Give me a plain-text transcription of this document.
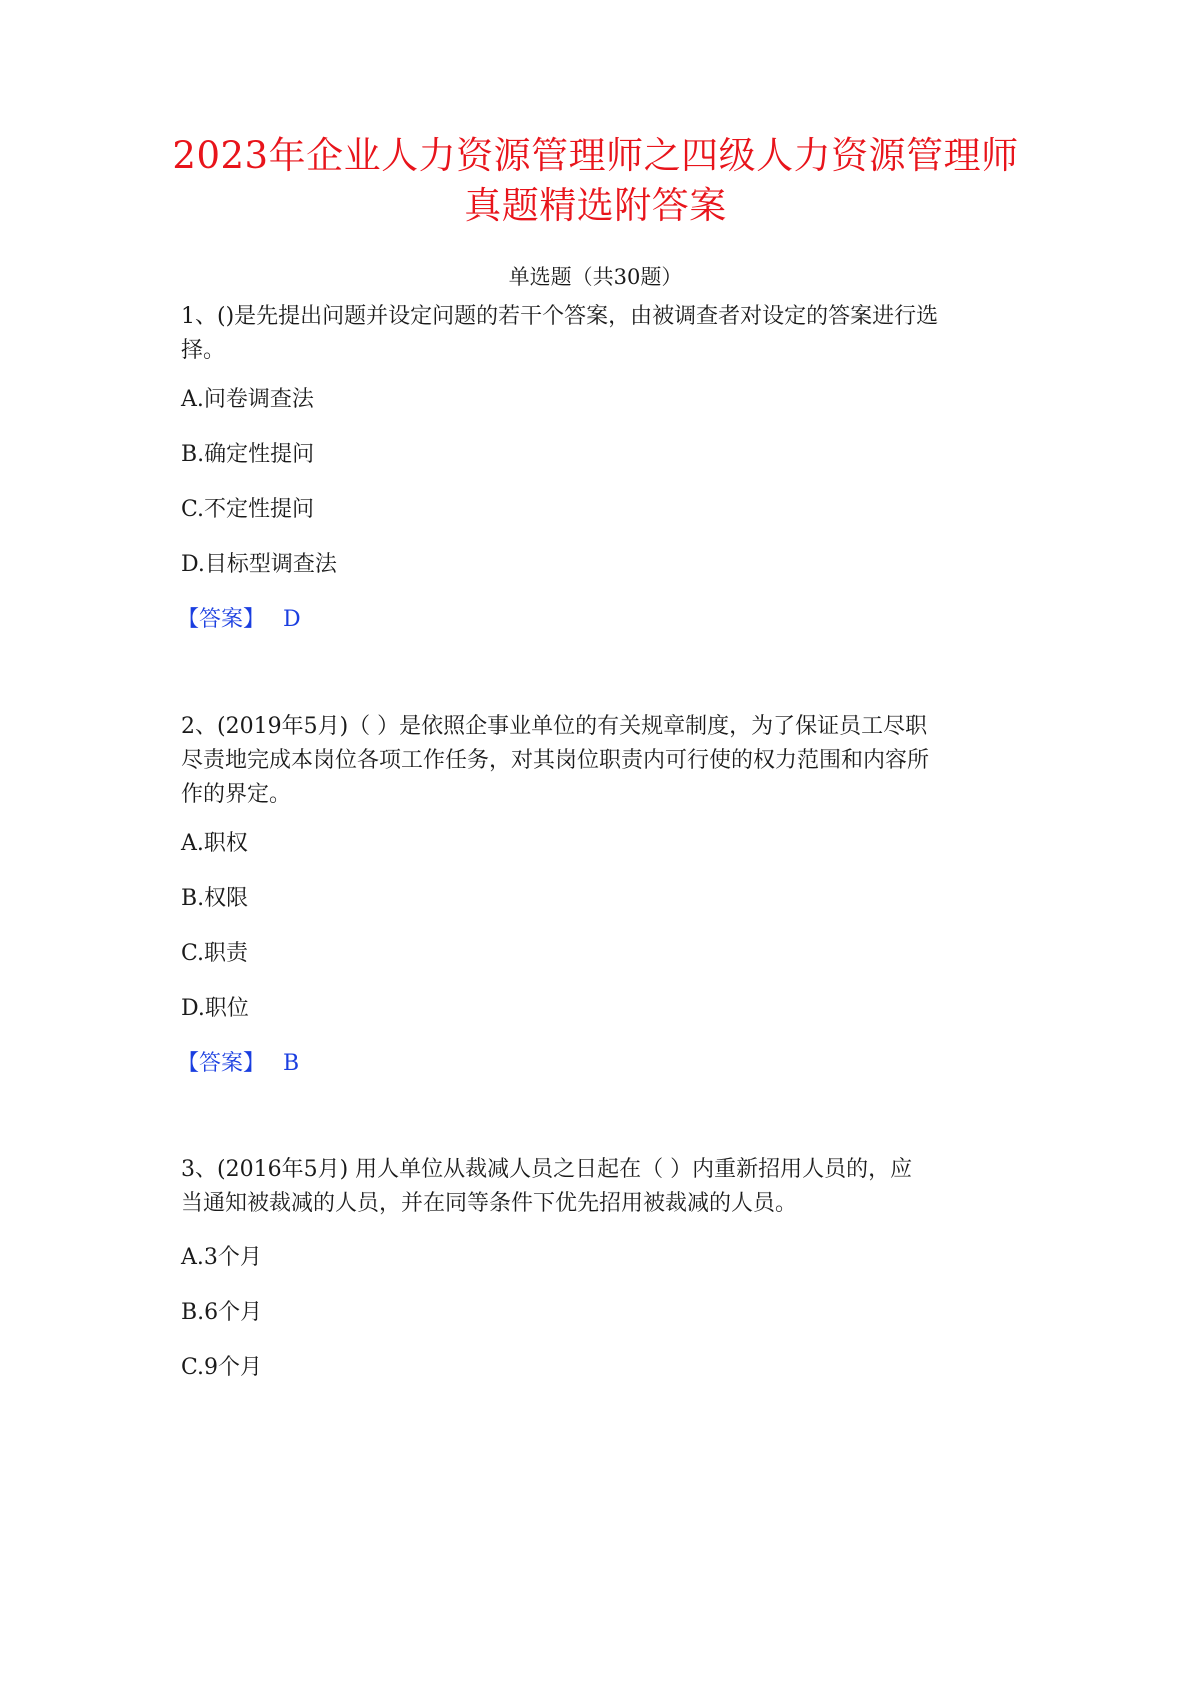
2023年企业人力资源管理师之四级人力资源管理师
真题精选附答案
单选题（共30题）
1、()是先提出问题并设定问题的若干个答案，由被调查者对设定的答案进行选
择。
A.问卷调查法
B.确定性提问
C.不定性提问
D.目标型调查法
【答案】 D
2、(2019年5月)（ ）是依照企事业单位的有关规章制度，为了保证员工尽职
尽责地完成本岗位各项工作任务，对其岗位职责内可行使的权力范围和内容所
作的界定。
A.职权
B.权限
C.职责
D.职位
【答案】 B
3、(2016年5月) 用人单位从裁减人员之日起在（ ）内重新招用人员的，应
当通知被裁减的人员，并在同等条件下优先招用被裁减的人员。
A.3个月
B.6个月
C.9个月
